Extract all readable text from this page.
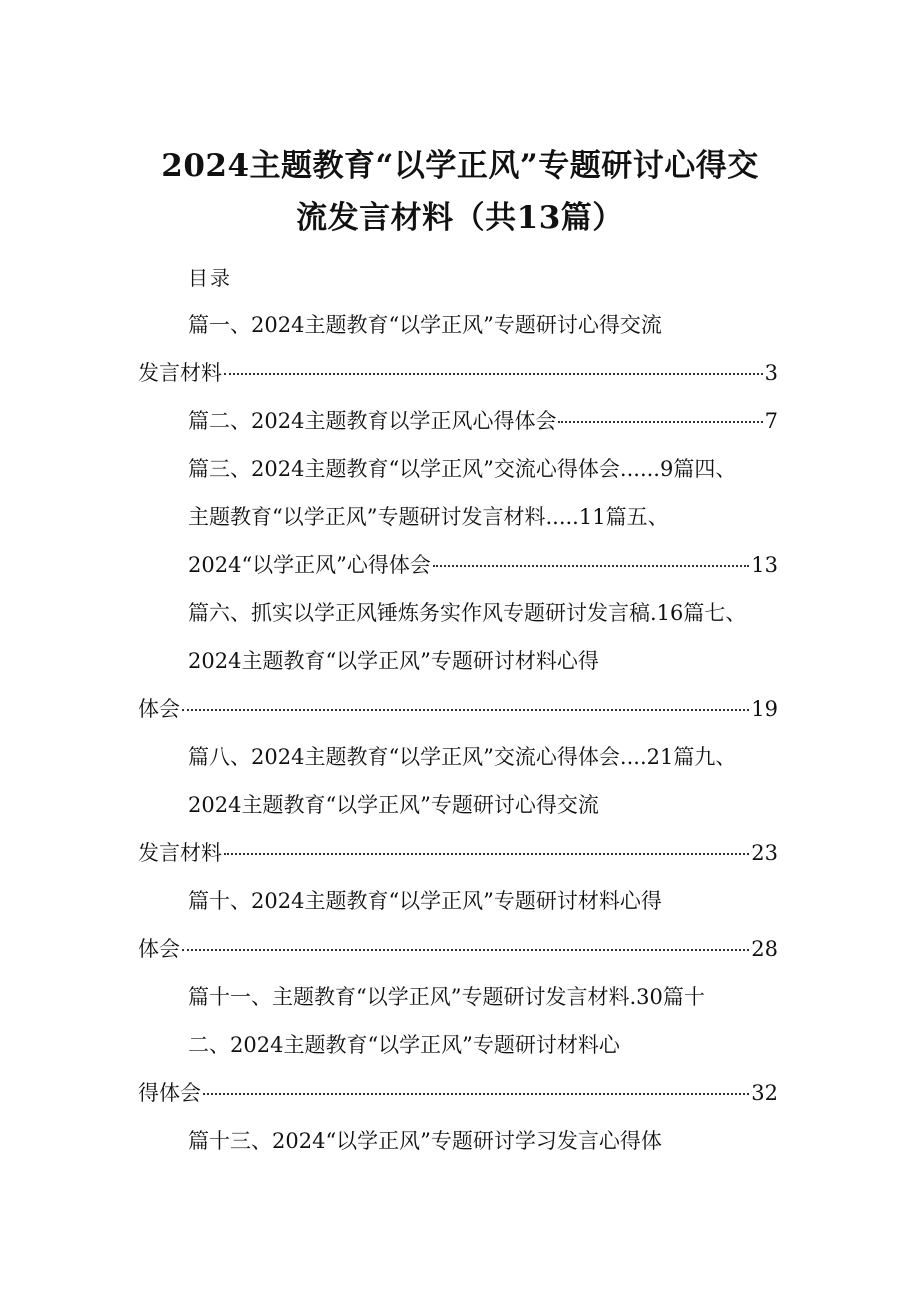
2024主题教育“以学正风”专题研讨心得交
流发言材料（共13篇）
目录
篇一、2024主题教育“以学正风”专题研讨心得交流
发言材料	3
篇二、2024主题教育以学正风心得体会	7
篇三、2024主题教育“以学正风”交流心得体会......9篇四、
主题教育“以学正风”专题研讨发言材料.....11篇五、
2024“以学正风”心得体会	13
篇六、抓实以学正风锤炼务实作风专题研讨发言稿.16篇七、
2024主题教育“以学正风”专题研讨材料心得
体会	19
篇八、2024主题教育“以学正风”交流心得体会....21篇九、
2024主题教育“以学正风”专题研讨心得交流
发言材料	23
篇十、2024主题教育“以学正风”专题研讨材料心得
体会	28
篇十一、主题教育“以学正风”专题研讨发言材料.30篇十
二、2024主题教育“以学正风”专题研讨材料心
得体会	32
篇十三、2024“以学正风”专题研讨学习发言心得体
